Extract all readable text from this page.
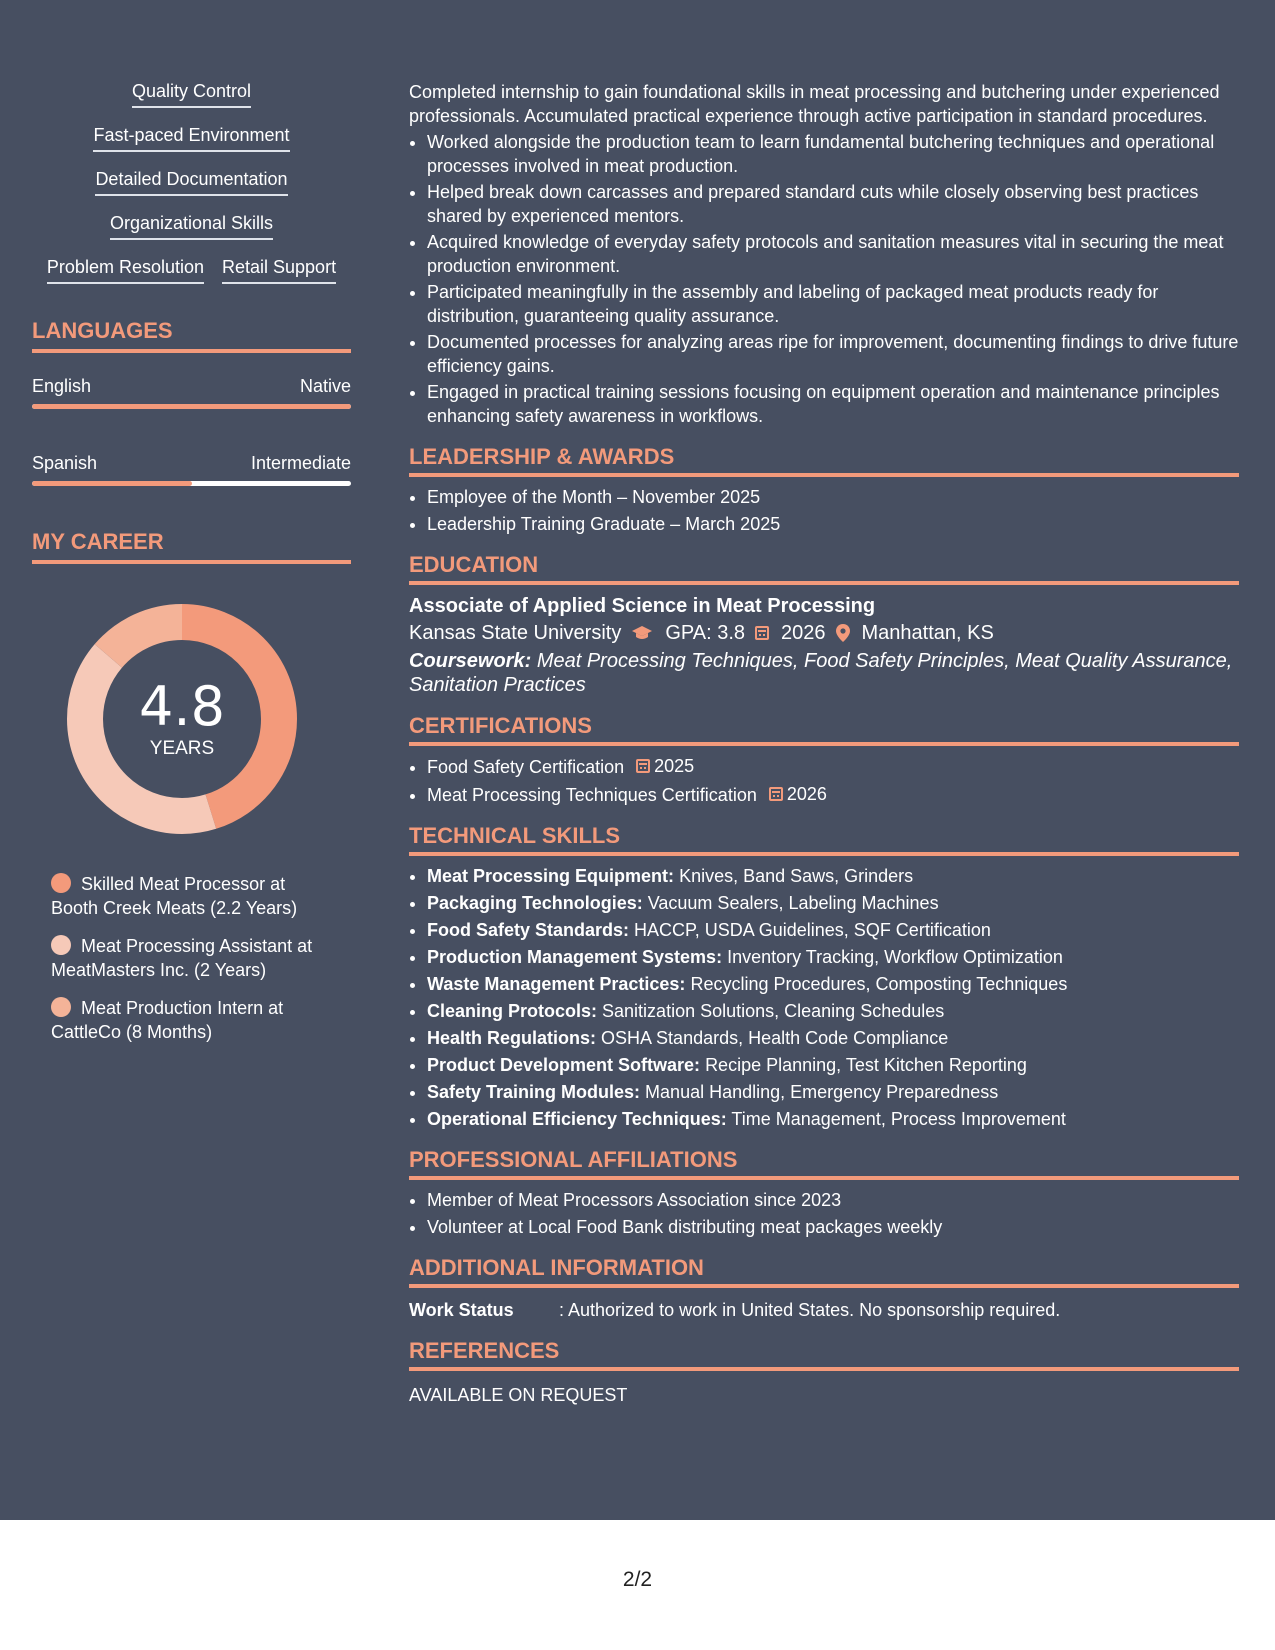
Quality Control
Fast-paced Environment
Detailed Documentation
Organizational Skills
Problem Resolution Retail Support
LANGUAGES
English	Native
Spanish	Intermediate
MY CAREER
4.8
YEARS
Skilled Meat Processor at Booth Creek Meats (2.2 Years)
Meat Processing Assistant at MeatMasters Inc. (2 Years)
Meat Production Intern at CattleCo (8 Months)

Completed internship to gain foundational skills in meat processing and butchering under experienced professionals. Accumulated practical experience through active participation in standard procedures.

• Worked alongside the production team to learn fundamental butchering techniques and operational processes involved in meat production.
• Helped break down carcasses and prepared standard cuts while closely observing best practices shared by experienced mentors.
• Acquired knowledge of everyday safety protocols and sanitation measures vital in securing the meat production environment.
• Participated meaningfully in the assembly and labeling of packaged meat products ready for distribution, guaranteeing quality assurance.
• Documented processes for analyzing areas ripe for improvement, documenting findings to drive future efficiency gains.
• Engaged in practical training sessions focusing on equipment operation and maintenance principles enhancing safety awareness in workflows.
LEADERSHIP & AWARDS
• Employee of the Month – November 2025
• Leadership Training Graduate – March 2025
EDUCATION
Associate of Applied Science in Meat Processing
Kansas State University GPA: 3.8 2026 Manhattan, KS
Coursework: Meat Processing Techniques, Food Safety Principles, Meat Quality Assurance, Sanitation Practices
CERTIFICATIONS
• Food Safety Certification 2025
• Meat Processing Techniques Certification 2026
TECHNICAL SKILLS
• Meat Processing Equipment: Knives, Band Saws, Grinders
• Packaging Technologies: Vacuum Sealers, Labeling Machines
• Food Safety Standards: HACCP, USDA Guidelines, SQF Certification
• Production Management Systems: Inventory Tracking, Workflow Optimization
• Waste Management Practices: Recycling Procedures, Composting Techniques
• Cleaning Protocols: Sanitization Solutions, Cleaning Schedules
• Health Regulations: OSHA Standards, Health Code Compliance
• Product Development Software: Recipe Planning, Test Kitchen Reporting
• Safety Training Modules: Manual Handling, Emergency Preparedness
• Operational Efficiency Techniques: Time Management, Process Improvement
PROFESSIONAL AFFILIATIONS
• Member of Meat Processors Association since 2023
• Volunteer at Local Food Bank distributing meat packages weekly
ADDITIONAL INFORMATION
Work Status	: Authorized to work in United States. No sponsorship required.
REFERENCES
AVAILABLE ON REQUEST
2/2
